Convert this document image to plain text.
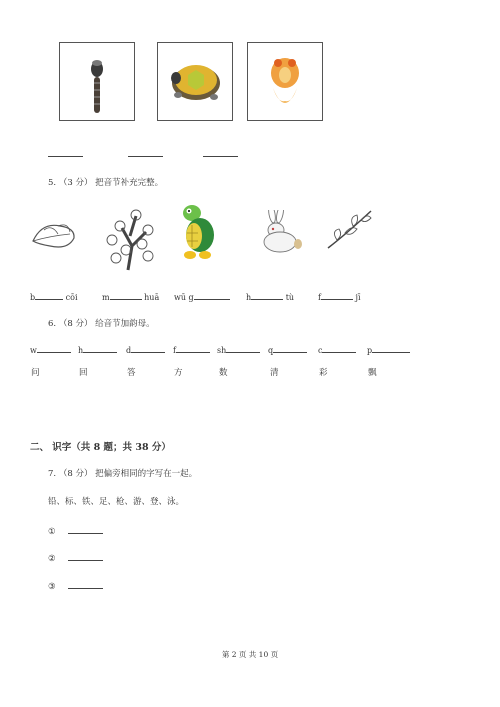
5. （3 分） 把音节补充完整。
b	cōi	m	huā wū g	h	tù	f	jī
6. （8 分） 给音节加韵母。
w	h	d	f	sh	q	c	p
问	回	答	方	数	清	彩	飘
二、 识字（共 8 题；共 38 分）
7. （8 分） 把偏旁相同的字写在一起。
铅、标、铁、足、枪、游、登、泳。
①
②
③
第 2 页 共 10 页
